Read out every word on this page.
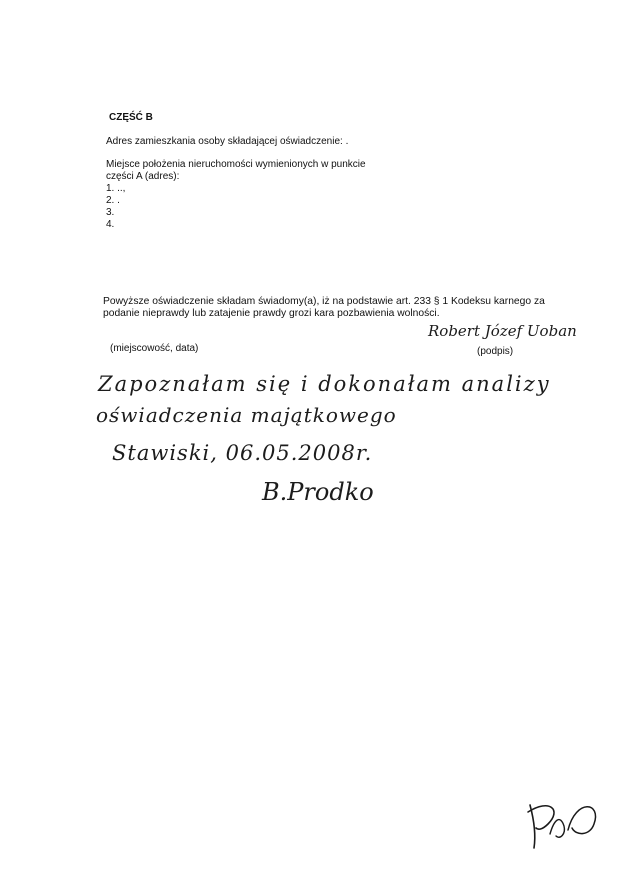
CZĘŚĆ B
Adres zamieszkania osoby składającej oświadczenie: .
Miejsce położenia nieruchomości wymienionych w punkcie
części A (adres):
1. ..,
2. .
3.
4.
Powyższe oświadczenie składam świadomy(a), iż na podstawie art. 233 § 1 Kodeksu karnego za
podanie nieprawdy lub zatajenie prawdy grozi kara pozbawienia wolności.
(miejscowość, data)	(podpis)
Robert Józef Uoban
Zapoznałam się i dokonałam analizy
oświadczenia majątkowego
Stawiski, 06.05.2008r.
B.Prodko
